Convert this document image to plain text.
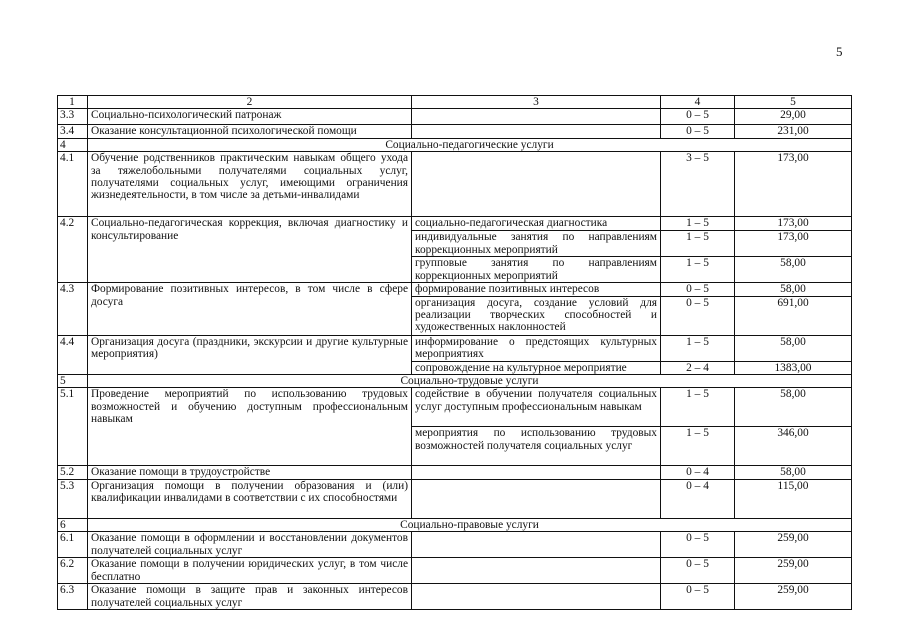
5
1	2	3	4	5
3.3	Социально-психологический патронаж		0 – 5	29,00
3.4	Оказание консультационной психологической помощи		0 – 5	231,00
4	Социально-педагогические услуги			
4.1	Обучение родственников практическим навыкам общего ухода за тяжелобольными получателями социальных услуг, получателями социальных услуг, имеющими ограничения жизнедеятельности, в том числе за детьми-инвалидами		3 – 5	173,00
4.2	Социально-педагогическая коррекция, включая диагностику и консультирование	социально-педагогическая диагностика	1 – 5	173,00
		индивидуальные занятия по направлениям коррекционных мероприятий	1 – 5	173,00
		групповые занятия по направлениям коррекционных мероприятий	1 – 5	58,00
4.3	Формирование позитивных интересов, в том числе в сфере досуга	формирование позитивных интересов	0 – 5	58,00
		организация досуга, создание условий для реализации творческих способностей и художественных наклонностей	0 – 5	691,00
4.4	Организация досуга (праздники, экскурсии и другие культурные мероприятия)	информирование о предстоящих культурных мероприятиях	1 – 5	58,00
		сопровождение на культурное мероприятие	2 – 4	1383,00
5	Социально-трудовые услуги			
5.1	Проведение мероприятий по использованию трудовых возможностей и обучению доступным профессиональным навыкам	содействие в обучении получателя социальных услуг доступным профессиональным навыкам	1 – 5	58,00
		мероприятия по использованию трудовых возможностей получателя социальных услуг	1 – 5	346,00
5.2	Оказание помощи в трудоустройстве		0 – 4	58,00
5.3	Организация помощи в получении образования и (или) квалификации инвалидами в соответствии с их способностями		0 – 4	115,00
6	Социально-правовые услуги			
6.1	Оказание помощи в оформлении и восстановлении документов получателей социальных услуг		0 – 5	259,00
6.2	Оказание помощи в получении юридических услуг, в том числе бесплатно		0 – 5	259,00
6.3	Оказание помощи в защите прав и законных интересов получателей социальных услуг		0 – 5	259,00
